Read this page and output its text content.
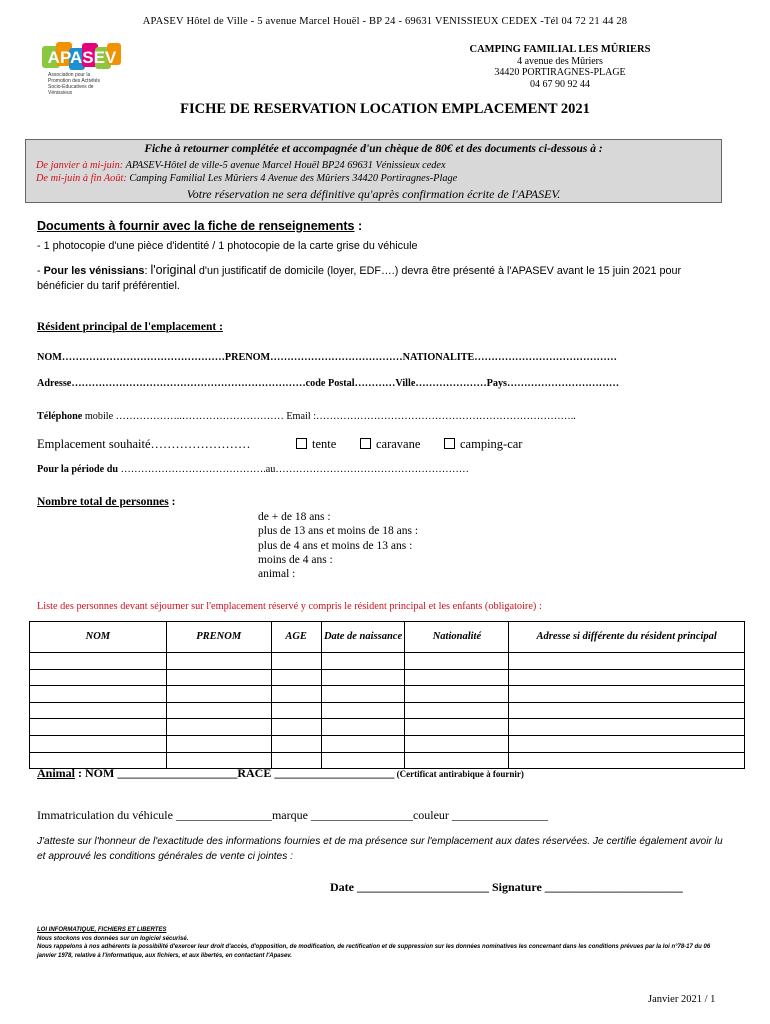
APASEV Hôtel de Ville - 5 avenue Marcel Houël - BP 24 - 69631 VENISSIEUX CEDEX -Tél 04 72 21 44 28
APASEV
Association pour la Promotion des Activités Socio-Educatives de Vénissieux
CAMPING FAMILIAL LES MÛRIERS
4 avenue des Mûriers
34420 PORTIRAGNES-PLAGE
04 67 90 92 44
FICHE DE RESERVATION LOCATION EMPLACEMENT 2021
Fiche à retourner complétée et accompagnée d'un chèque de 80€ et des documents ci-dessous à :
De janvier à mi-juin: APASEV-Hôtel de ville-5 avenue Marcel Houël BP24 69631 Vénissieux cedex
De mi-juin à fin Août: Camping Familial Les Mûriers 4 Avenue des Mûriers 34420 Portiragnes-Plage
Votre réservation ne sera définitive qu'après confirmation écrite de l'APASEV.
Documents à fournir avec la fiche de renseignements :
- 1 photocopie d'une pièce d'identité / 1 photocopie de la carte grise du véhicule
- Pour les vénissians: l'original d'un justificatif de domicile (loyer, EDF….) devra être présenté à l'APASEV avant le 15 juin 2021 pour bénéficier du tarif préférentiel.
Résident principal de l'emplacement :
NOM…………………………………………PRENOM…………………………………NATIONALITE……………………………………
Adresse……………………………………………………………code Postal…………Ville…………………Pays……………………………
Téléphone mobile ………………..………………………… Email :…………………………………………………………………..
Emplacement souhaité……………………	tente	caravane	camping-car
Pour la période du …………………………………….au…………………………………………………
Nombre total de personnes :
de + de 18 ans :
plus de 13 ans et moins de 18 ans :
plus de 4 ans et moins de 13 ans :
moins de 4 ans :
animal :
Liste des personnes devant séjourner sur l'emplacement réservé y compris le résident principal et les enfants (obligatoire) :
NOM	PRENOM	AGE	Date de naissance	Nationalité	Adresse si différente du résident principal

Animal : NOM ____________________RACE ____________________ (Certificat antirabique à fournir)
Immatriculation du véhicule ________________marque _________________couleur ________________
J'atteste sur l'honneur de l'exactitude des informations fournies et de ma présence sur l'emplacement aux dates réservées. Je certifie également avoir lu et approuvé les conditions générales de vente ci jointes :
Date ______________________ Signature _______________________
LOI INFORMATIQUE, FICHIERS ET LIBERTES
Nous stockons vos données sur un logiciel sécurisé.
Nous rappelons à nos adhérents la possibilité d'exercer leur droit d'accès, d'opposition, de modification, de rectification et de suppression sur les données nominatives les concernant dans les conditions prévues par la loi n°78-17 du 06 janvier 1978, relative à l'informatique, aux fichiers, et aux libertés, en contactant l'Apasev.
Janvier 2021 / 1
